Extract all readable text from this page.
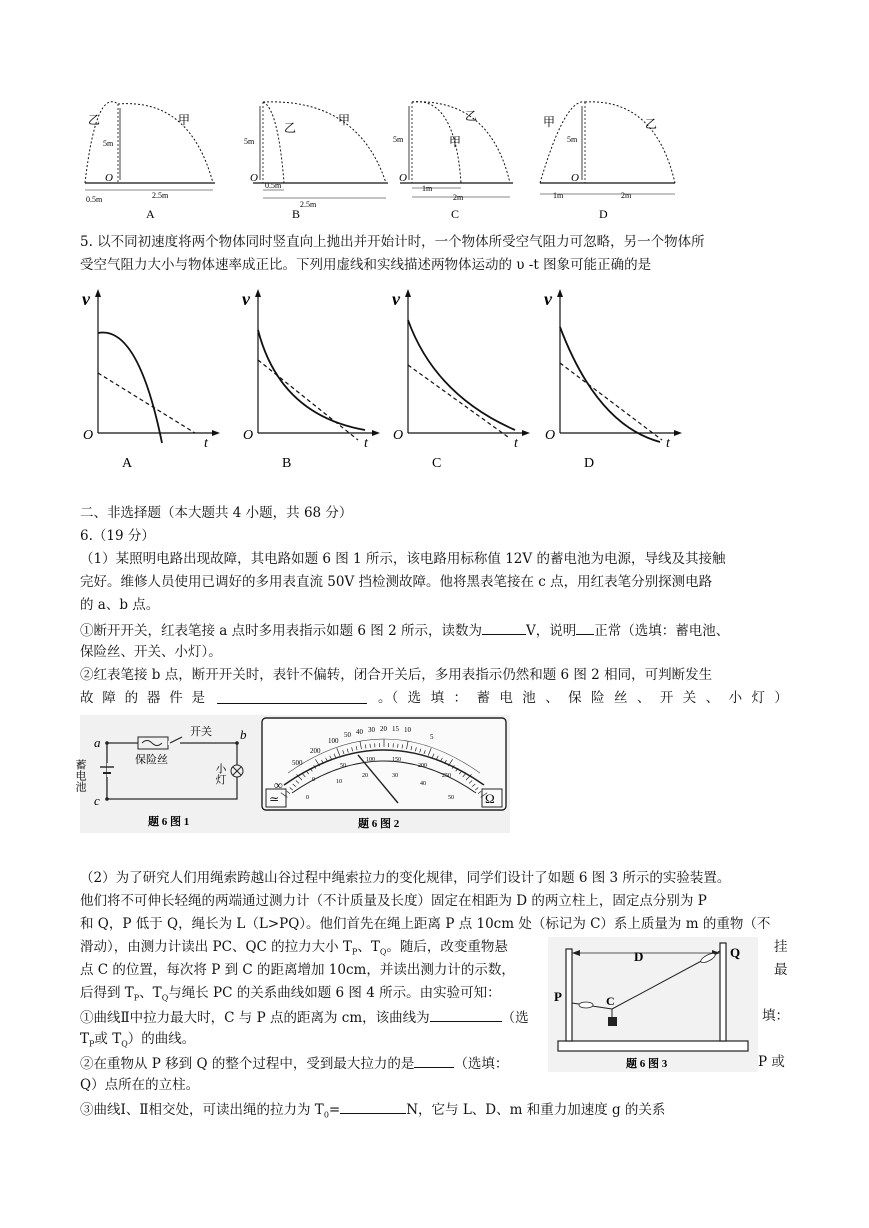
乙	甲
5m
O
0.5m	2.5m
A
乙
甲
5m
O
0.5m
2.5m
B
乙
甲
5m
O
1m
2m
C
甲	乙
5m
O
1m	2m
D
5. 以不同初速度将两个物体同时竖直向上抛出并开始计时，一个物体所受空气阻力可忽略，另一个物体所
受空气阻力大小与物体速率成正比。下列用虚线和实线描述两物体运动的 υ -t 图象可能正确的是
v
t
O
A
v
t
O
B
v
t
O
C
v
t
O
D
二、非选择题（本大题共 4 小题，共 68 分）
6.（19 分）
（1）某照明电路出现故障，其电路如题 6 图 1 所示，该电路用标称值 12V 的蓄电池为电源，导线及其接触
完好。维修人员使用已调好的多用表直流 50V 挡检测故障。他将黑表笔接在 c 点，用红表笔分别探测电路
的 a、b 点。
①断开开关，红表笔接 a 点时多用表指示如题 6 图 2 所示，读数为	V，说明 正常（选填：蓄电池、
保险丝、开关、小灯）。
②红表笔接 b 点，断开开关时，表针不偏转，闭合开关后，多用表指示仍然和题 6 图 2 相同，可判断发生
故 障 的 器 件 是	。（ 选 填 ： 蓄 电 池 、 保 险 丝 、 开 关 、 小 灯 ）
a
b
c
蓄电池	保险丝
开关
小灯
题 6 图 1
∞
500
200
100
50 40 30 20 15 10
5
0
50
100	150
200
250
0
10
20	30
40
50
≃	Ω
题 6 图 2
（2）为了研究人们用绳索跨越山谷过程中绳索拉力的变化规律，同学们设计了如题 6 图 3 所示的实验装置。
他们将不可伸长轻绳的两端通过测力计（不计质量及长度）固定在相距为 D 的两立柱上，固定点分别为 P
和 Q，P 低于 Q，绳长为 L（L>PQ）。他们首先在绳上距离 P 点 10cm 处（标记为 C）系上质量为 m 的重物（不
滑动），由测力计读出 PC、QC 的拉力大小 $T_P$、$T_Q$。随后，改变重物悬	挂
点 C 的位置，每次将 P 到 C 的距离增加 10cm，并读出测力计的示数，	最
后得到 $T_P$、$T_Q$与绳长 PC 的关系曲线如题 6 图 4 所示。由实验可知：
①曲线Ⅱ中拉力最大时，C 与 P 点的距离为 cm，该曲线为	（选	填：
$T_P$或 $T_Q$）的曲线。
②在重物从 P 移到 Q 的整个过程中，受到最大拉力的是	（选填：	P 或
Q）点所在的立柱。
③曲线Ⅰ、Ⅱ相交处，可读出绳的拉力为 $T_0=$	N，它与 L、D、m 和重力加速度 g 的关系
D
P
Q
C
题 6 图 3
